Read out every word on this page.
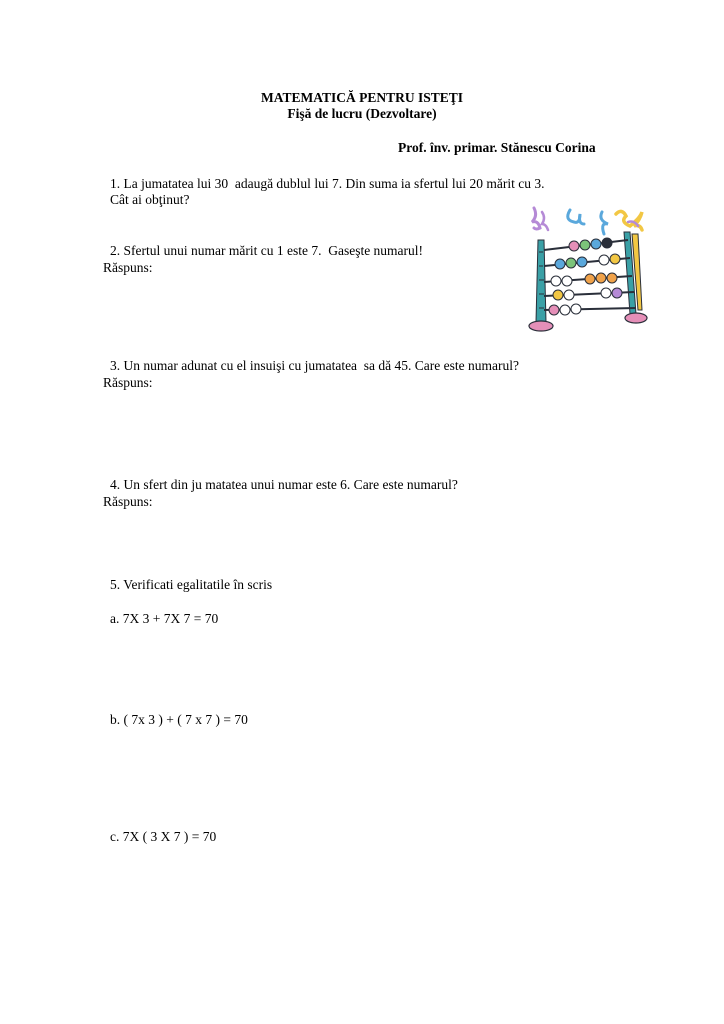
MATEMATICĂ PENTRU ISTEŢI
Fişă de lucru (Dezvoltare)
Prof. înv. primar. Stănescu Corina
1. La jumatatea lui 30  adaugă dublul lui 7. Din suma ia sfertul lui 20 mărit cu 3.
Cât ai obţinut?
2. Sfertul unui numar mărit cu 1 este 7.  Gaseşte numarul!
Răspuns:
3. Un numar adunat cu el insuişi cu jumatatea  sa dă 45. Care este numarul?
Răspuns:
4. Un sfert din ju matatea unui numar este 6. Care este numarul?
Răspuns:
5. Verificati egalitatile în scris
a. 7X 3 + 7X 7 = 70
b. ( 7x 3 ) + ( 7 x 7 ) = 70
c. 7X ( 3 X 7 ) = 70
